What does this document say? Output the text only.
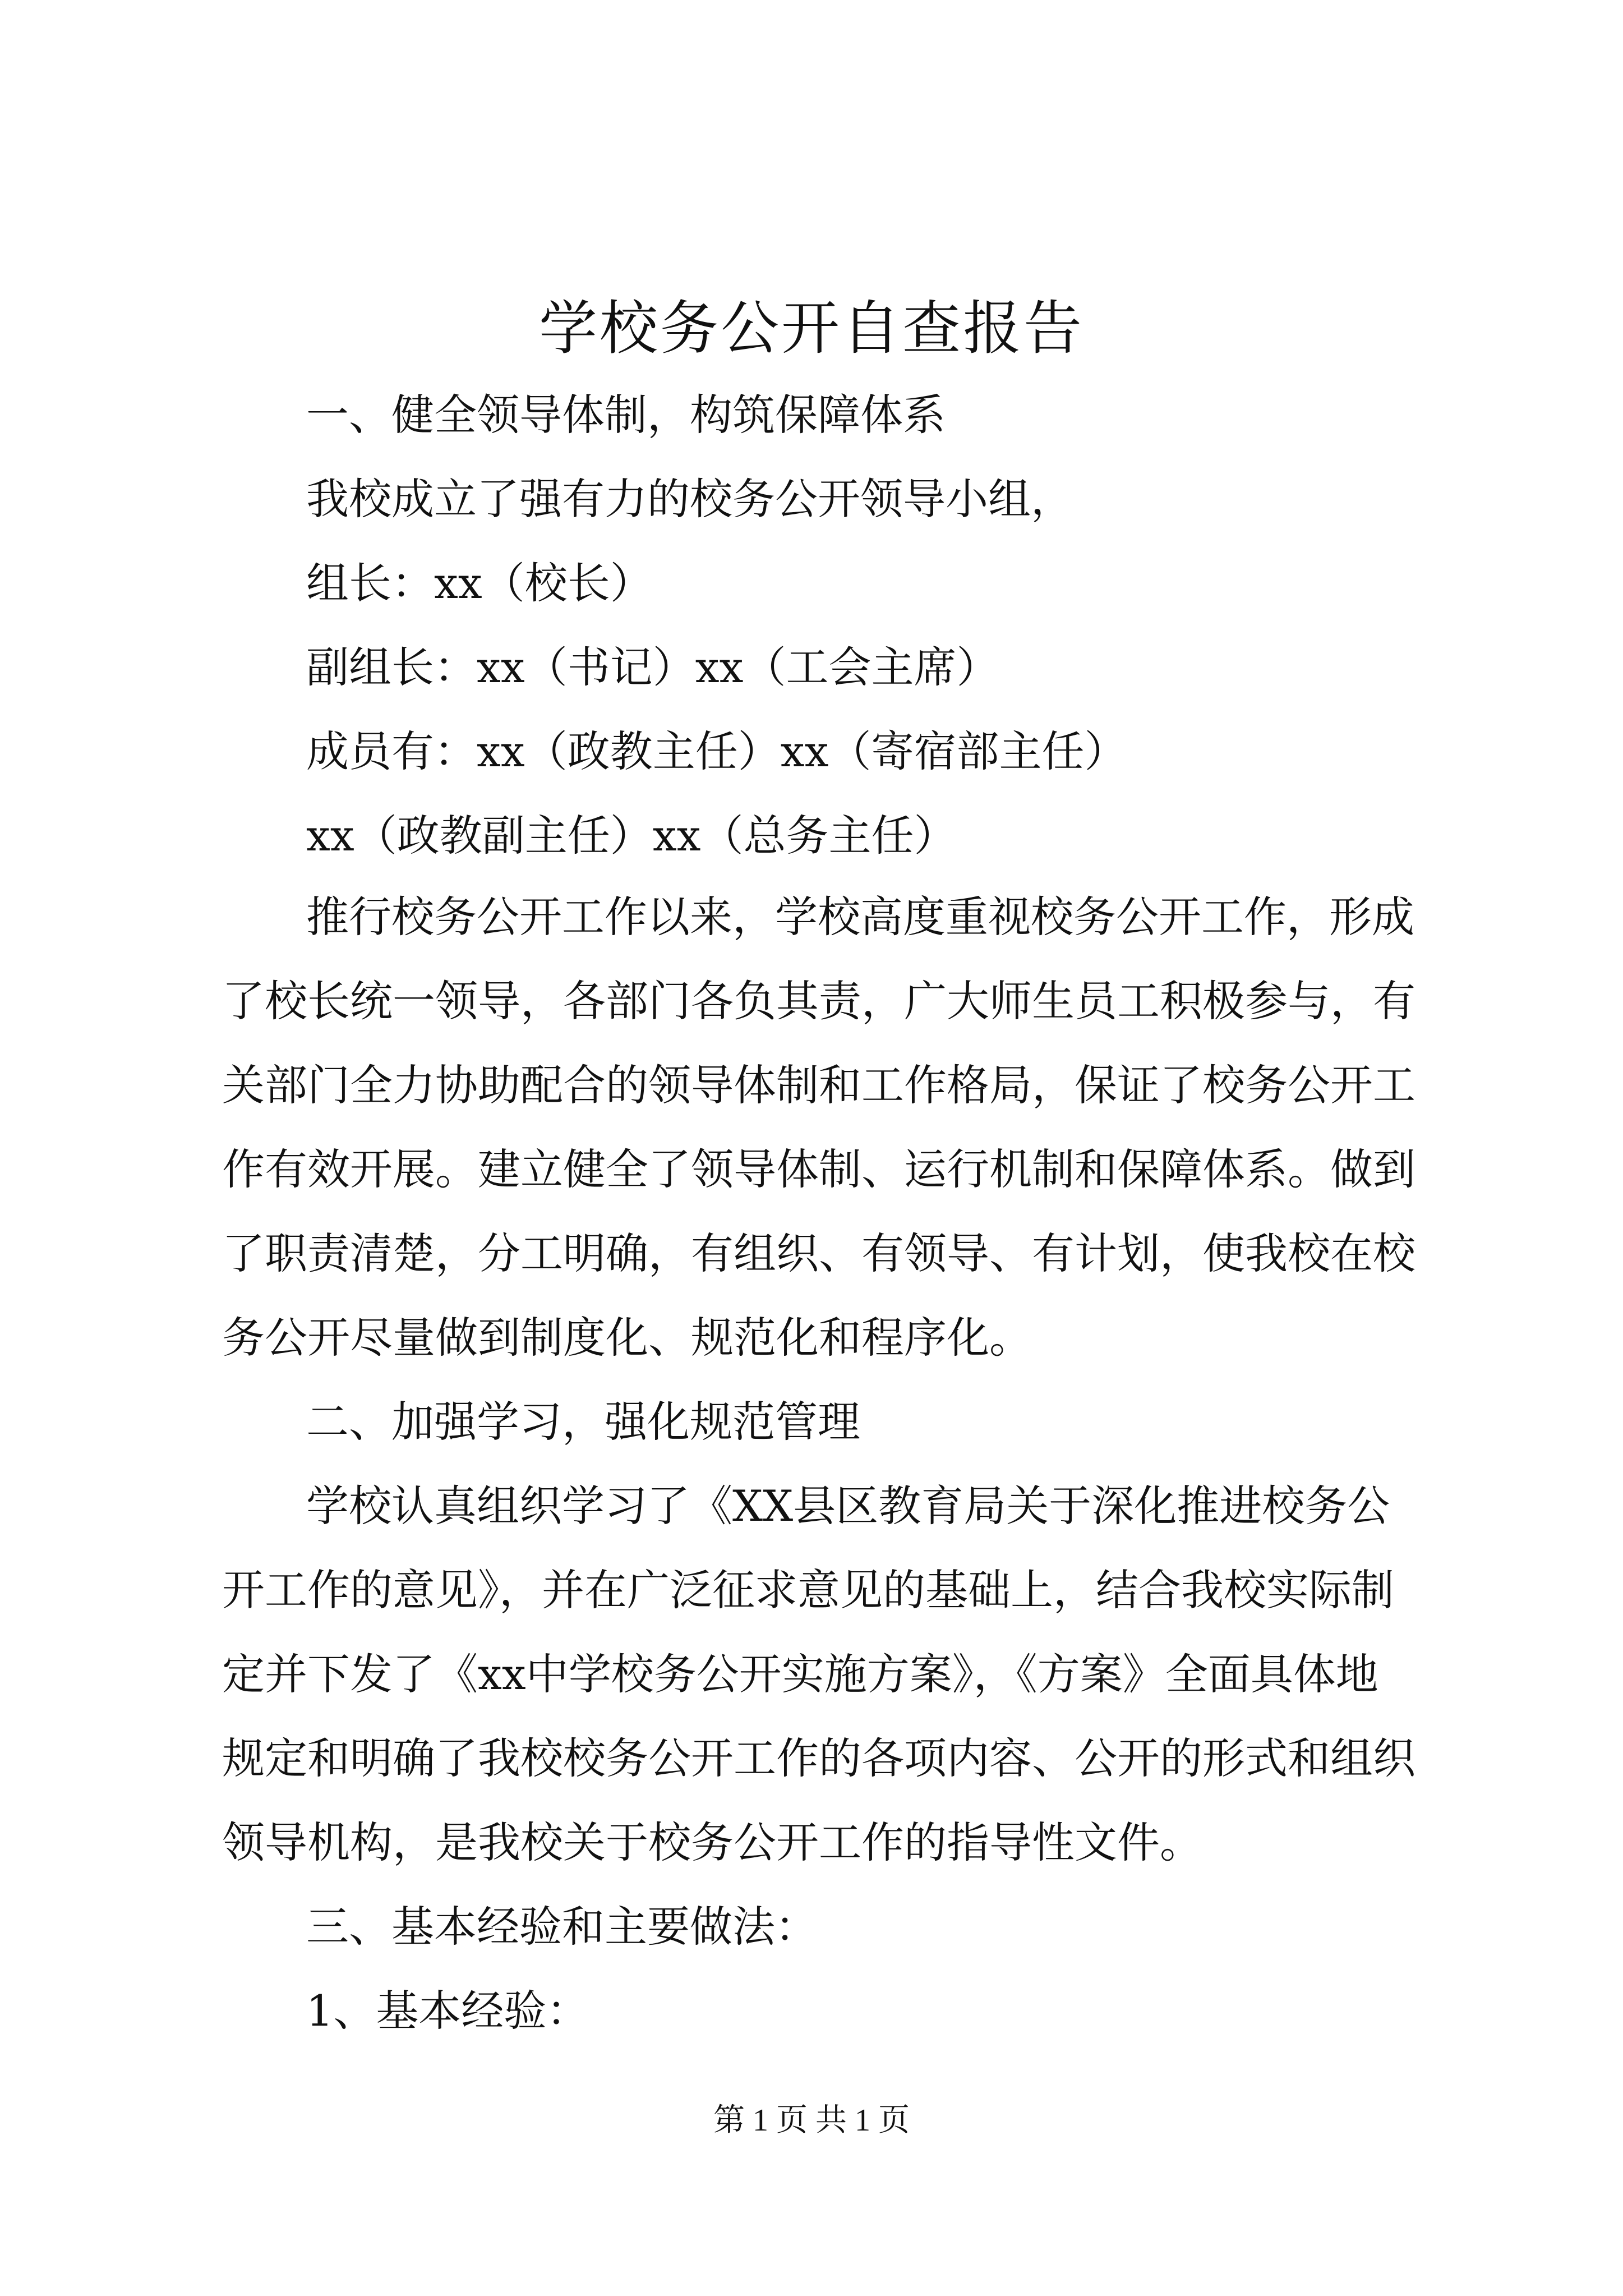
学校务公开自查报告
一、健全领导体制，构筑保障体系
我校成立了强有力的校务公开领导小组，
组长：xx（校长）
副组长：xx（书记）xx（工会主席）
成员有：xx（政教主任）xx（寄宿部主任）
xx（政教副主任）xx（总务主任）
推行校务公开工作以来，学校高度重视校务公开工作，形成
了校长统一领导，各部门各负其责，广大师生员工积极参与，有
关部门全力协助配合的领导体制和工作格局，保证了校务公开工
作有效开展。建立健全了领导体制、运行机制和保障体系。做到
了职责清楚，分工明确，有组织、有领导、有计划，使我校在校
务公开尽量做到制度化、规范化和程序化。
二、加强学习，强化规范管理
学校认真组织学习了《XX县区教育局关于深化推进校务公
开工作的意见》，并在广泛征求意见的基础上，结合我校实际制
定并下发了《xx中学校务公开实施方案》，《方案》全面具体地
规定和明确了我校校务公开工作的各项内容、公开的形式和组织
领导机构，是我校关于校务公开工作的指导性文件。
三、基本经验和主要做法：
1、基本经验：
第 1 页 共 1 页
